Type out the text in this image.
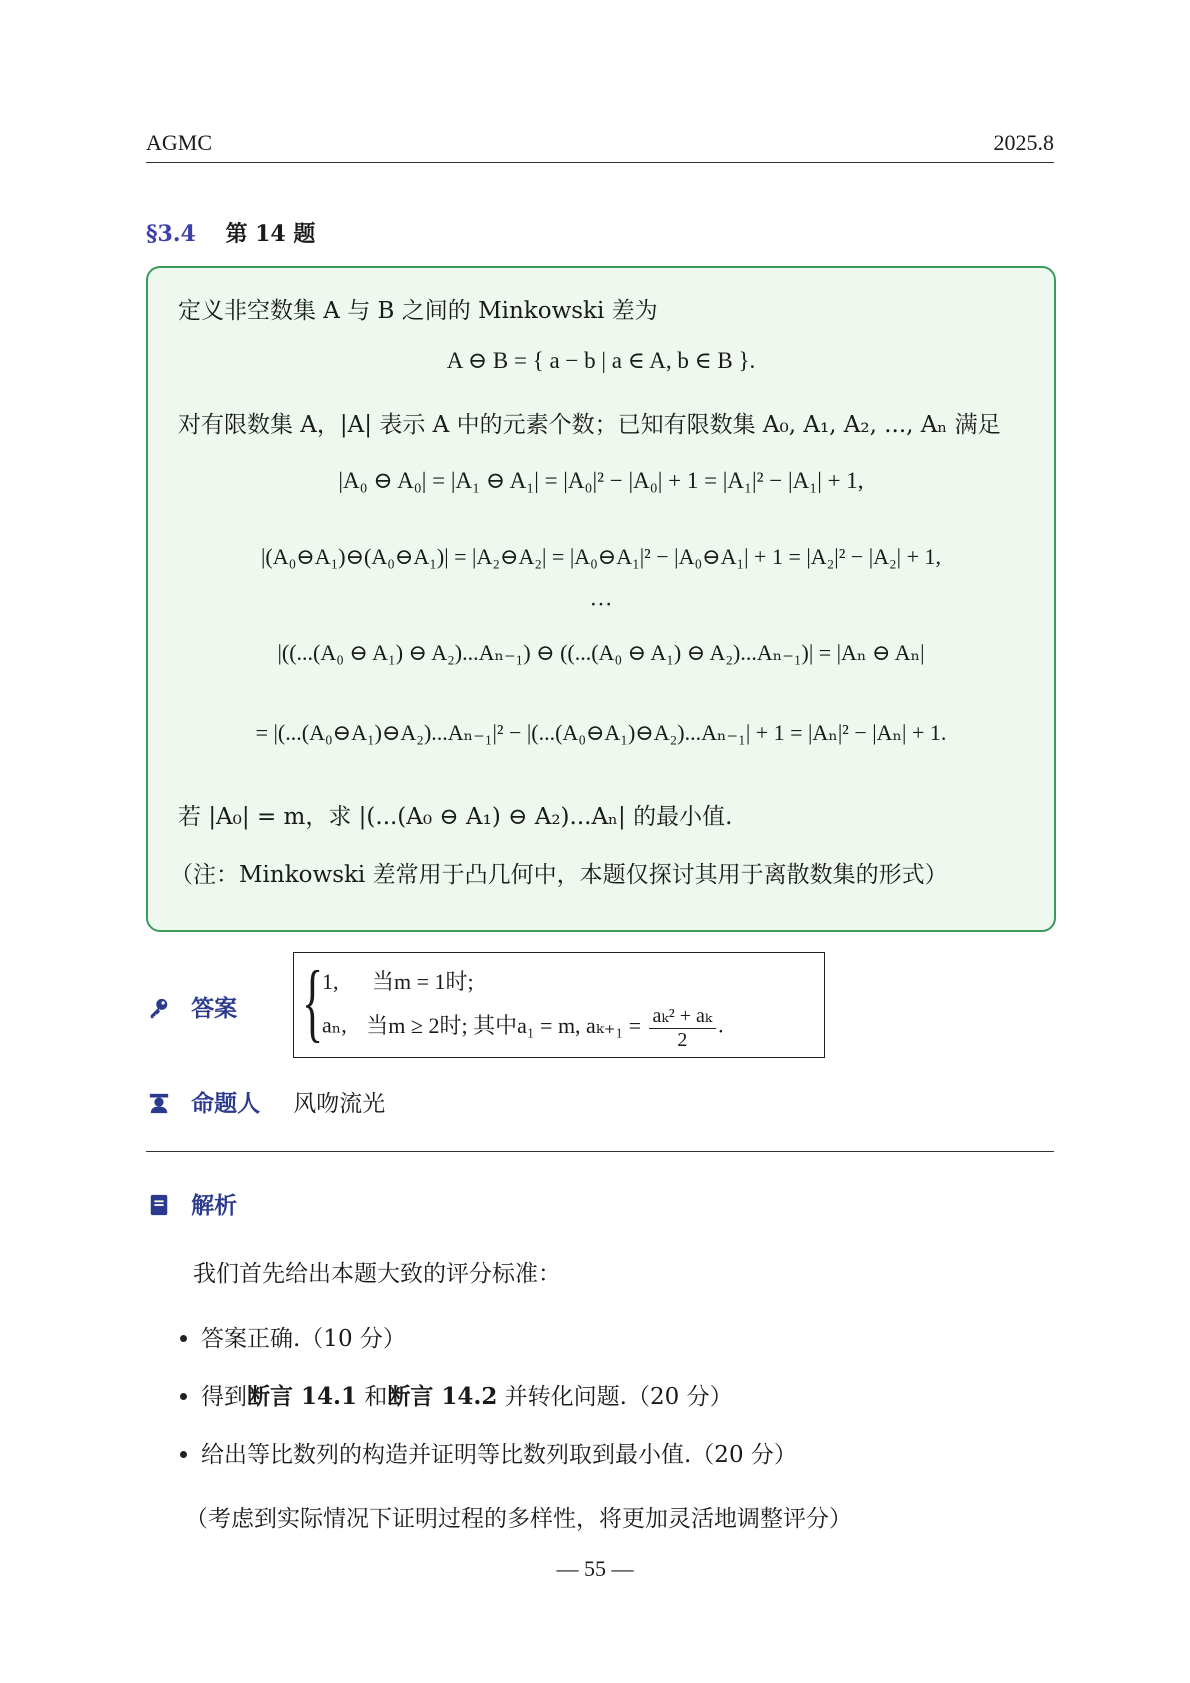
AGMC	2025.8
§3.4 第 14 题
定义非空数集 A 与 B 之间的 Minkowski 差为
A ⊖ B = { a − b | a ∈ A, b ∈ B }.
对有限数集 A，|A| 表示 A 中的元素个数；已知有限数集 A₀, A₁, A₂, ..., Aₙ 满足
|A₀ ⊖ A₀| = |A₁ ⊖ A₁| = |A₀|² − |A₀| + 1 = |A₁|² − |A₁| + 1,
|(A₀⊖A₁)⊖(A₀⊖A₁)| = |A₂⊖A₂| = |A₀⊖A₁|² − |A₀⊖A₁| + 1 = |A₂|² − |A₂| + 1,
···
|((...(A₀ ⊖ A₁) ⊖ A₂)...Aₙ₋₁) ⊖ ((...(A₀ ⊖ A₁) ⊖ A₂)...Aₙ₋₁)| = |Aₙ ⊖ Aₙ|
= |(...(A₀⊖A₁)⊖A₂)...Aₙ₋₁|² − |(...(A₀⊖A₁)⊖A₂)...Aₙ₋₁| + 1 = |Aₙ|² − |Aₙ| + 1.
若 |A₀| = m，求 |(...(A₀ ⊖ A₁) ⊖ A₂)...Aₙ| 的最小值.
（注：Minkowski 差常用于凸几何中，本题仅探讨其用于离散数集的形式）
答案 {
1, 当m = 1时;
aₙ, 当m ≥ 2时; 其中a₁ = m, $a_{k+1} = \frac{\text{aₖ² + aₖ}}{2}$ .
命题人 风吻流光
解析
我们首先给出本题大致的评分标准：
答案正确.（10 分）
得到断言 14.1 和断言 14.2 并转化问题.（20 分）
给出等比数列的构造并证明等比数列取到最小值.（20 分）
（考虑到实际情况下证明过程的多样性，将更加灵活地调整评分）
— 55 —
